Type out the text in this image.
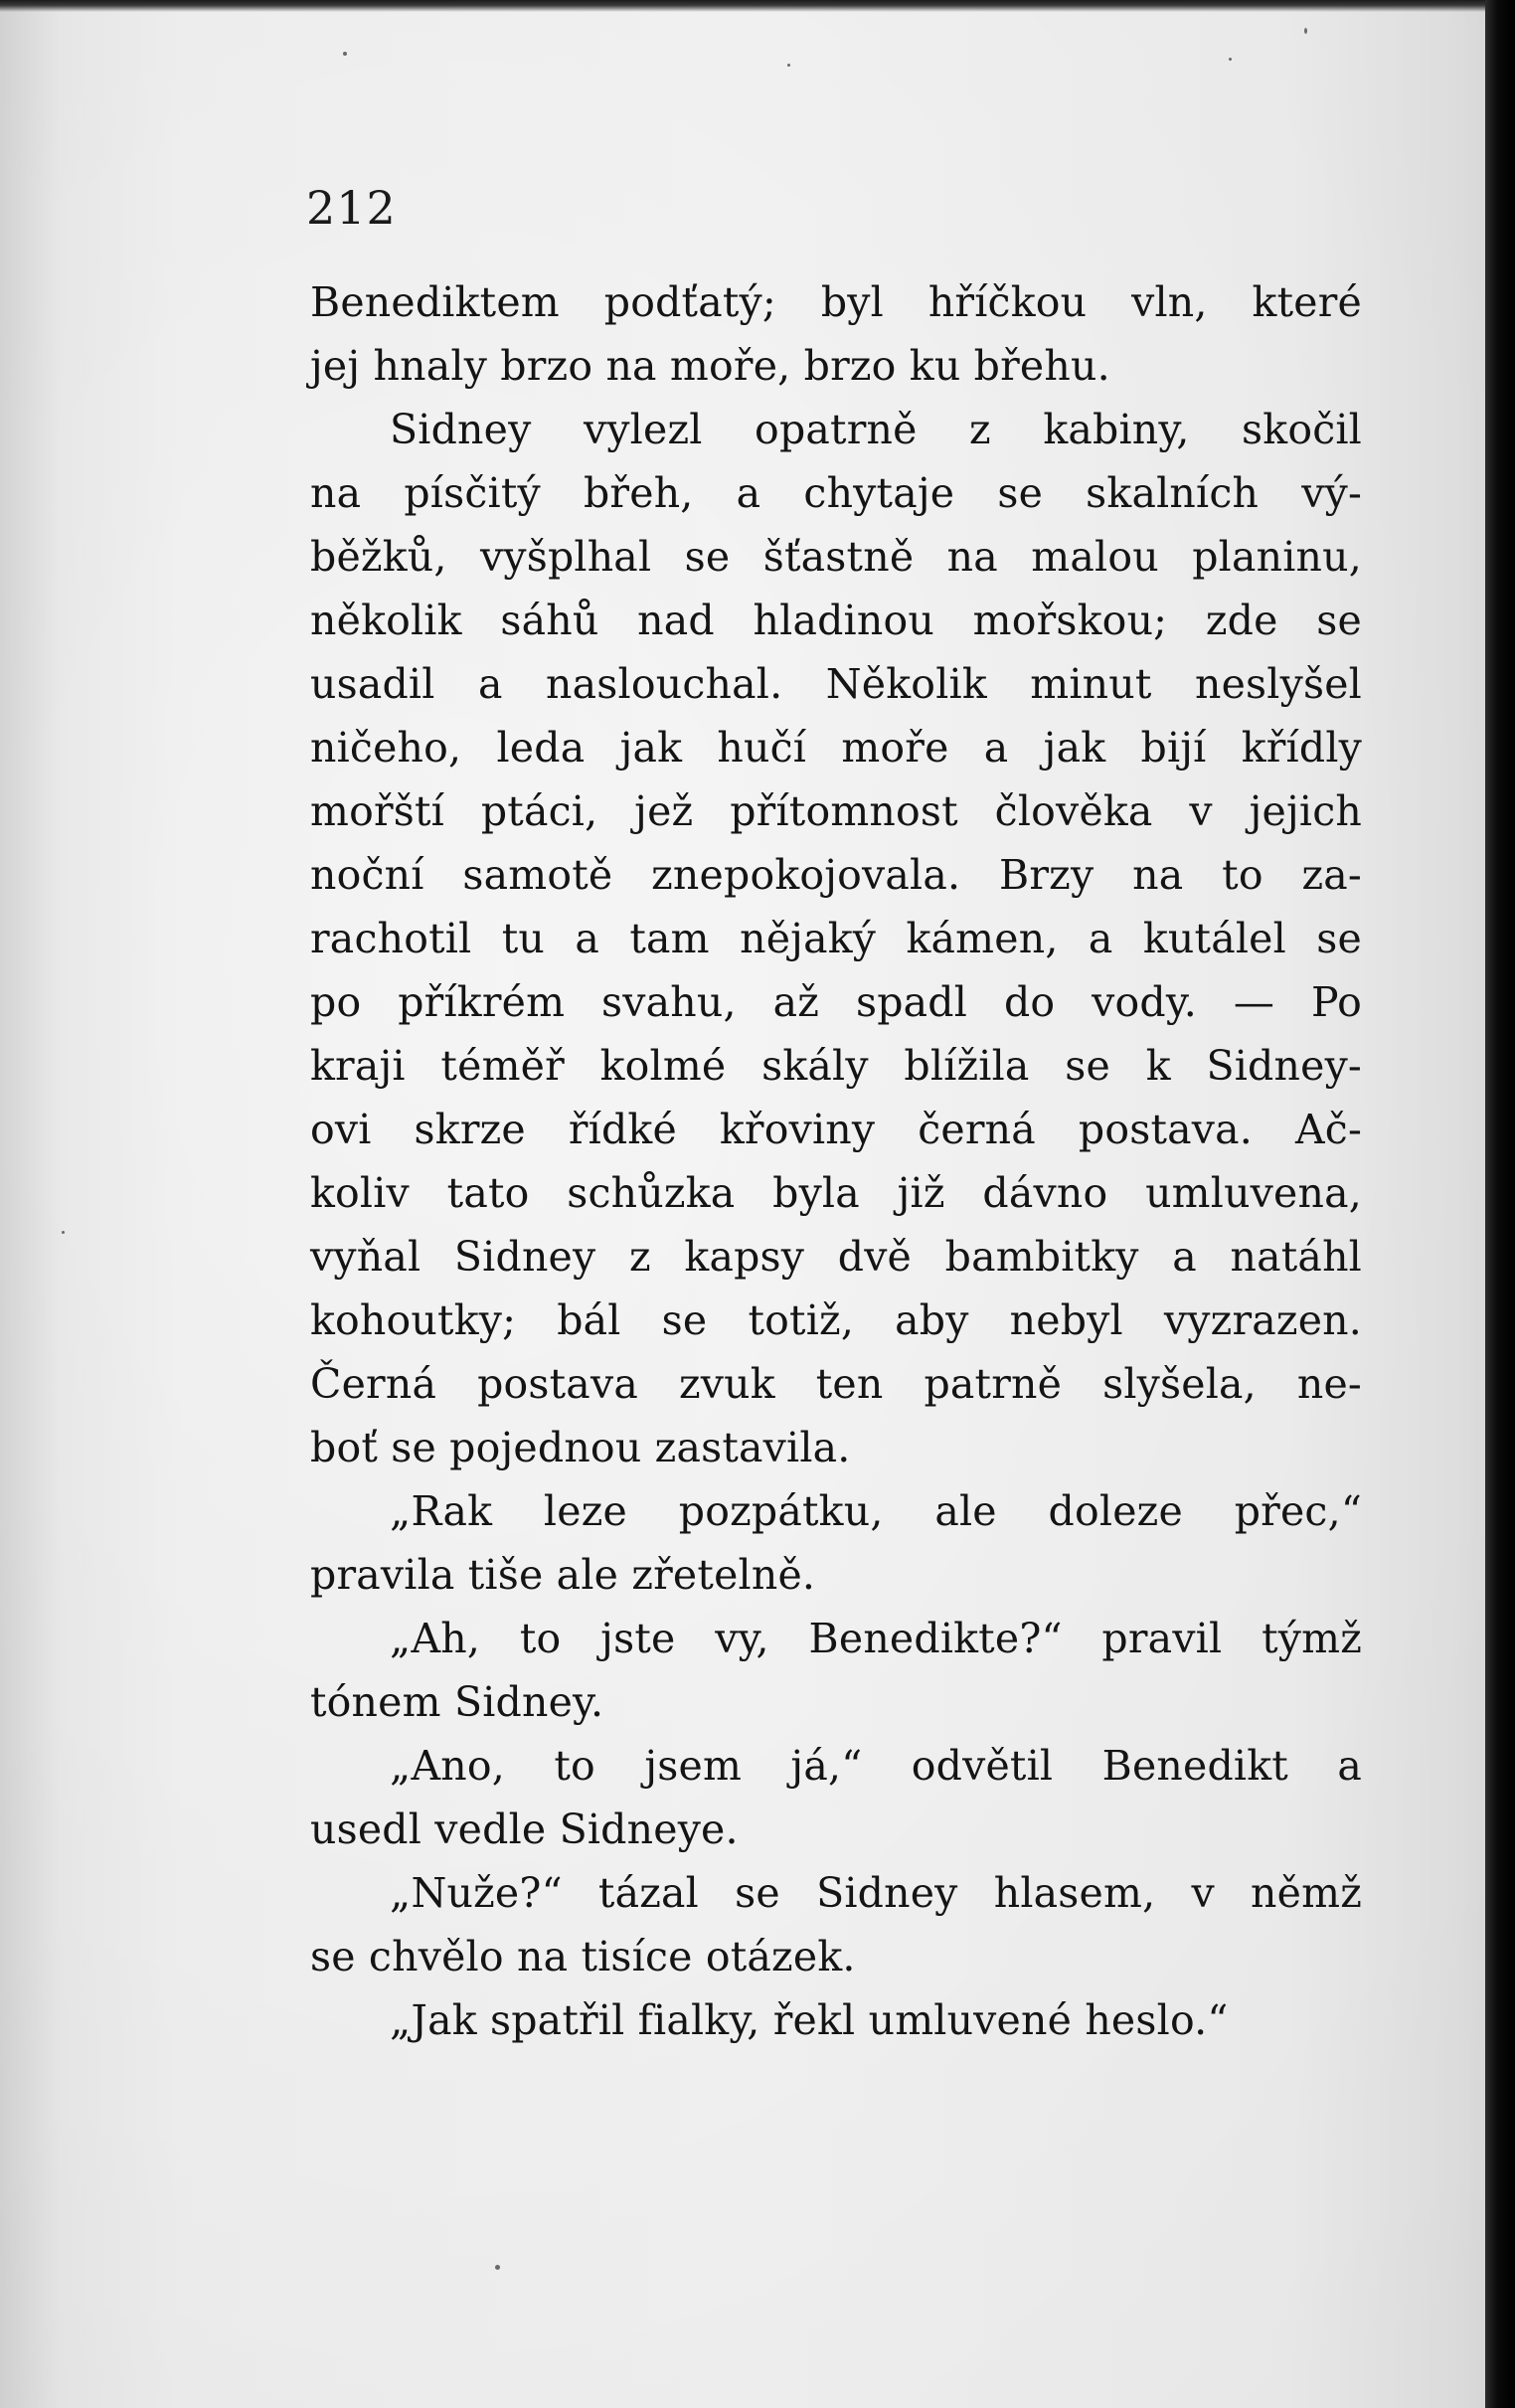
212
Benediktem podťatý; byl hříčkou vln, které
jej hnaly brzo na moře, brzo ku břehu.
Sidney vylezl opatrně z kabiny, skočil
na písčitý břeh, a chytaje se skalních vý-
běžků, vyšplhal se šťastně na malou planinu,
několik sáhů nad hladinou mořskou; zde se
usadil a naslouchal. Několik minut neslyšel
ničeho, leda jak hučí moře a jak bijí křídly
mořští ptáci, jež přítomnost člověka v jejich
noční samotě znepokojovala. Brzy na to za-
rachotil tu a tam nějaký kámen, a kutálel se
po příkrém svahu, až spadl do vody. — Po
kraji téměř kolmé skály blížila se k Sidney-
ovi skrze řídké křoviny černá postava. Ač-
koliv tato schůzka byla již dávno umluvena,
vyňal Sidney z kapsy dvě bambitky a natáhl
kohoutky; bál se totiž, aby nebyl vyzrazen.
Černá postava zvuk ten patrně slyšela, ne-
boť se pojednou zastavila.
„Rak leze pozpátku, ale doleze přec,“
pravila tiše ale zřetelně.
„Ah, to jste vy, Benedikte?“ pravil týmž
tónem Sidney.
„Ano, to jsem já,“ odvětil Benedikt a
usedl vedle Sidneye.
„Nuže?“ tázal se Sidney hlasem, v němž
se chvělo na tisíce otázek.
„Jak spatřil fialky, řekl umluvené heslo.“
